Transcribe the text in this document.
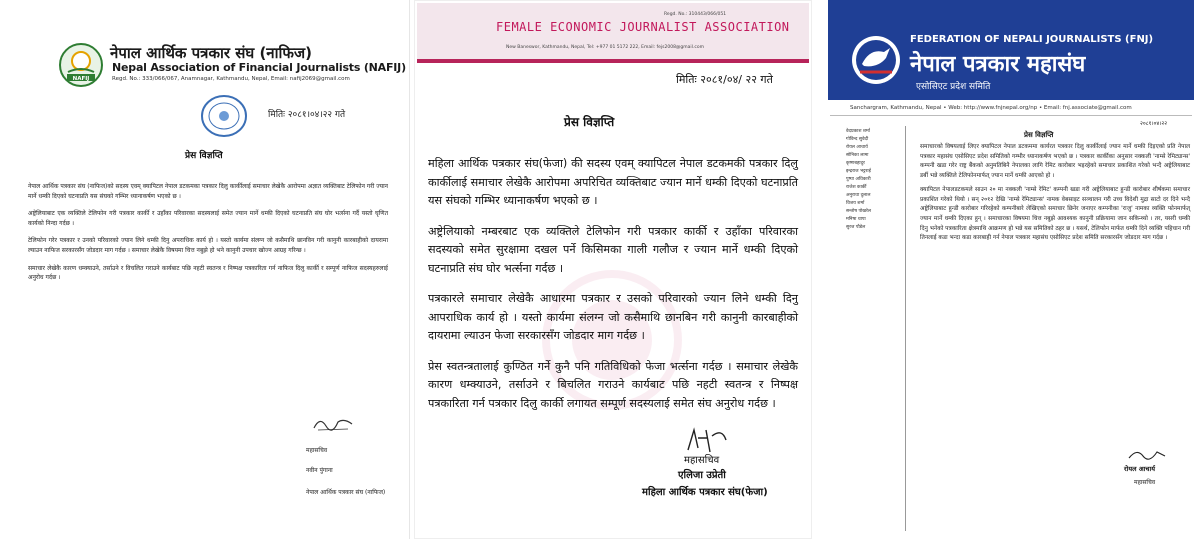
NAFIJ
नेपाल आर्थिक पत्रकार संघ (नाफिज)
Nepal Association of Financial Journalists (NAFIJ)
Regd. No.: 333/066/067, Anamnagar, Kathmandu, Nepal, Email: nafij2069@gmail.com
मितिः २०८१।०४।२२ गते
प्रेस विज्ञप्ति

नेपाल आर्थिक पत्रकार संघ (नाफिज)को सदस्य एवम् क्यापिटल नेपाल डटकमका पत्रकार दिलु कार्कीलाई समाचार लेखेकै आरोपमा अज्ञात व्यक्तिबाट टेलिफोन गरी ज्यान मार्ने धम्की दिएको घटनाप्रति यस संघको गम्भिर ध्यानाकर्षण भएको छ ।

अष्ट्रेलियाबाट एक व्यक्तिले टेलिफोन गरी पत्रकार कार्की र उहाँका परिवारका सदस्यलाई समेत ज्यान मार्ने धम्की दिएको घटनाप्रति संघ घोर भर्त्सना गर्दै यस्तो घृणित कार्यको निन्दा गर्दछ ।

टेलिफोन गरेर पत्रकार र उनको परिवारको ज्यान लिने धम्की दिनु अपराधिक कार्य हो । यस्तो कार्यमा संलग्न जो कसैमाथि छानविन गरी कानुनी कारबाहीको दायरामा ल्याउन नाफिज सरकारसँग जोडदार माग गर्दछ । समाचार लेखेकै विषयमा चित्त नबुझे हो भने कानुनी उपचार खोज्न आग्रह गरिन्छ ।

समाचार लेखेकै कारण धम्क्याउने, तर्साउने र विचलित गराउने कार्यबाट पछि नहटी स्वतन्त्र र निष्पक्ष पत्रकारिता गर्न नाफिज दिलु कार्की र सम्पूर्ण नाफिज सदस्यहरुलाई अनुरोध गर्दछ ।

महासचिव
नवीन पुंगाना
नेपाल आर्थिक पत्रकार संघ (नाफिज)
Regd. No.: 310443/066/051
FEMALE ECONOMIC JOURNALIST ASSOCIATION
New Baneswor, Kathmandu, Nepal, Tel: +977 01 5172 222, Email: fejs2008@gmail.com
मितिः २०८१/०४/ २२ गते
प्रेस विज्ञप्ति

महिला आर्थिक पत्रकार संघ(फेजा) की सदस्य एवम् क्यापिटल नेपाल डटकमकी पत्रकार दिलु कार्कीलाई समाचार लेखेकै आरोपमा अपरिचित व्यक्तिबाट ज्यान मार्ने धम्की दिएको घटनाप्रति यस संघको गम्भिर ध्यानाकर्षण भएको छ ।

अष्ट्रेलियाको नम्बरबाट एक व्यक्तिले टेलिफोन गरी पत्रकार कार्की र उहाँका परिवारका सदस्यको समेत सुरक्षामा दखल पर्ने किसिमका गाली गलौज र ज्यान मार्ने धम्की दिएको घटनाप्रति संघ घोर भर्त्सना गर्दछ ।

पत्रकारले समाचार लेखेकै आधारमा पत्रकार र उसको परिवारको ज्यान लिने धम्की दिनु आपराधिक कार्य हो । यस्तो कार्यमा संलग्न जो कसैमाथि छानबिन गरी कानुनी कारबाहीको दायरामा ल्याउन फेजा सरकारसँग जोडदार माग गर्दछ ।

प्रेस स्वतन्त्रतालाई कुण्ठित गर्ने कुनै पनि गतिविधिको फेजा भर्त्सना गर्दछ । समाचार लेखेकै कारण धम्क्याउने, तर्साउने र बिचलित गराउने कार्यबाट पछि नहटी स्वतन्त्र र निष्पक्ष पत्रकारिता गर्न पत्रकार दिलु कार्की लगायत सम्पूर्ण सदस्यलाई समेत संघ अनुरोध गर्दछ ।

महासचिव
एलिजा उप्रेती
महिला आर्थिक पत्रकार संघ(फेजा)
FEDERATION OF NEPALI JOURNALISTS (FNJ)
नेपाल पत्रकार महासंघ
एसोसिएट प्रदेश समिति
Sanchargram, Kathmandu, Nepal • Web: http://www.fnjnepal.org/np • Email: fnj.associate@gmail.com
२०८१।०४।२२
वेदप्रकाश शर्मा
गोविन्द सुवेदी
रोयल आचार्य
सोनिका लामा
कृष्णबहादुर
इन्द्रराज भट्टराई
पुष्पा अधिकारी
राजेश कार्की
अनुराधा दुलाल
विजय शर्मा
सन्तोष पोखरेल
मनिषा थापा
सुरज पौडेल
प्रेस विज्ञप्ति

समाचारको विषयलाई लिएर क्यापिटल नेपाल डटकममा कार्यरत पत्रकार दिलु कार्कीलाई ज्यान मार्ने धम्की दिइएको प्रति नेपाल पत्रकार महासंघ एसोसिएट प्रदेश समितिको गम्भीर ध्यानाकर्षण भएको छ । पत्रकार कार्कीका अनुसार नक्कली 'नाम्से रेमिट्यान्स' कम्पनी खडा गरेर राष्ट्र बैंकको अनुमतिबिनै नेपालका लागि रेमिट कारोबार भइरहेको समाचार प्रकाशित गरेको भन्दै अष्ट्रेलियाबाट डर्बी भन्ने व्यक्तिले टेलिफोनमार्फत् ज्यान मार्ने धम्की आएको हो ।

क्यापिटल नेपालडटकमले साउन २० मा नक्कली 'नाम्से रेमिट' कम्पनी खडा गरी अष्ट्रेलियाबाट हुन्डी कारोबार शीर्षकमा समाचार प्रकाशित गरेको थियो । सन् २०१२ देखि 'नाम्से रेमिट्यान्स' नामक वेबसाइट सञ्चालन गरी उच्च विदेशी मुद्रा साटो दर दिने भन्दै अष्ट्रेलियाबाट हुन्डी कारोबार गरिरहेको कम्पनीबारे लेखिएको समाचार छिनेर जनाएर कम्पनीका 'राजु' नामका व्यक्ति फोनमार्फत् ज्यान मार्ने धम्की दिएका हुन् । समाचारका विषयमा चित्त नबुझे आवश्यक कानुनी प्रक्रियामा जान सकिन्थ्यो । तर, यसरी धम्की दिनु भनेको पत्रकारिता क्षेत्रमाथि आक्रमण हो भन्ने यस समितिको ठहर छ । यसर्थ, टेलिफोन मार्फत धम्की दिने व्यक्ति पहिचान गरी तिनलाई कडा भन्दा कडा कारबाही गर्न नेपाल पत्रकार महासंघ एसोसिएट प्रदेश समिति सरकारसँग जोडदार माग गर्दछ ।

रोयल आचार्य
महासचिव
